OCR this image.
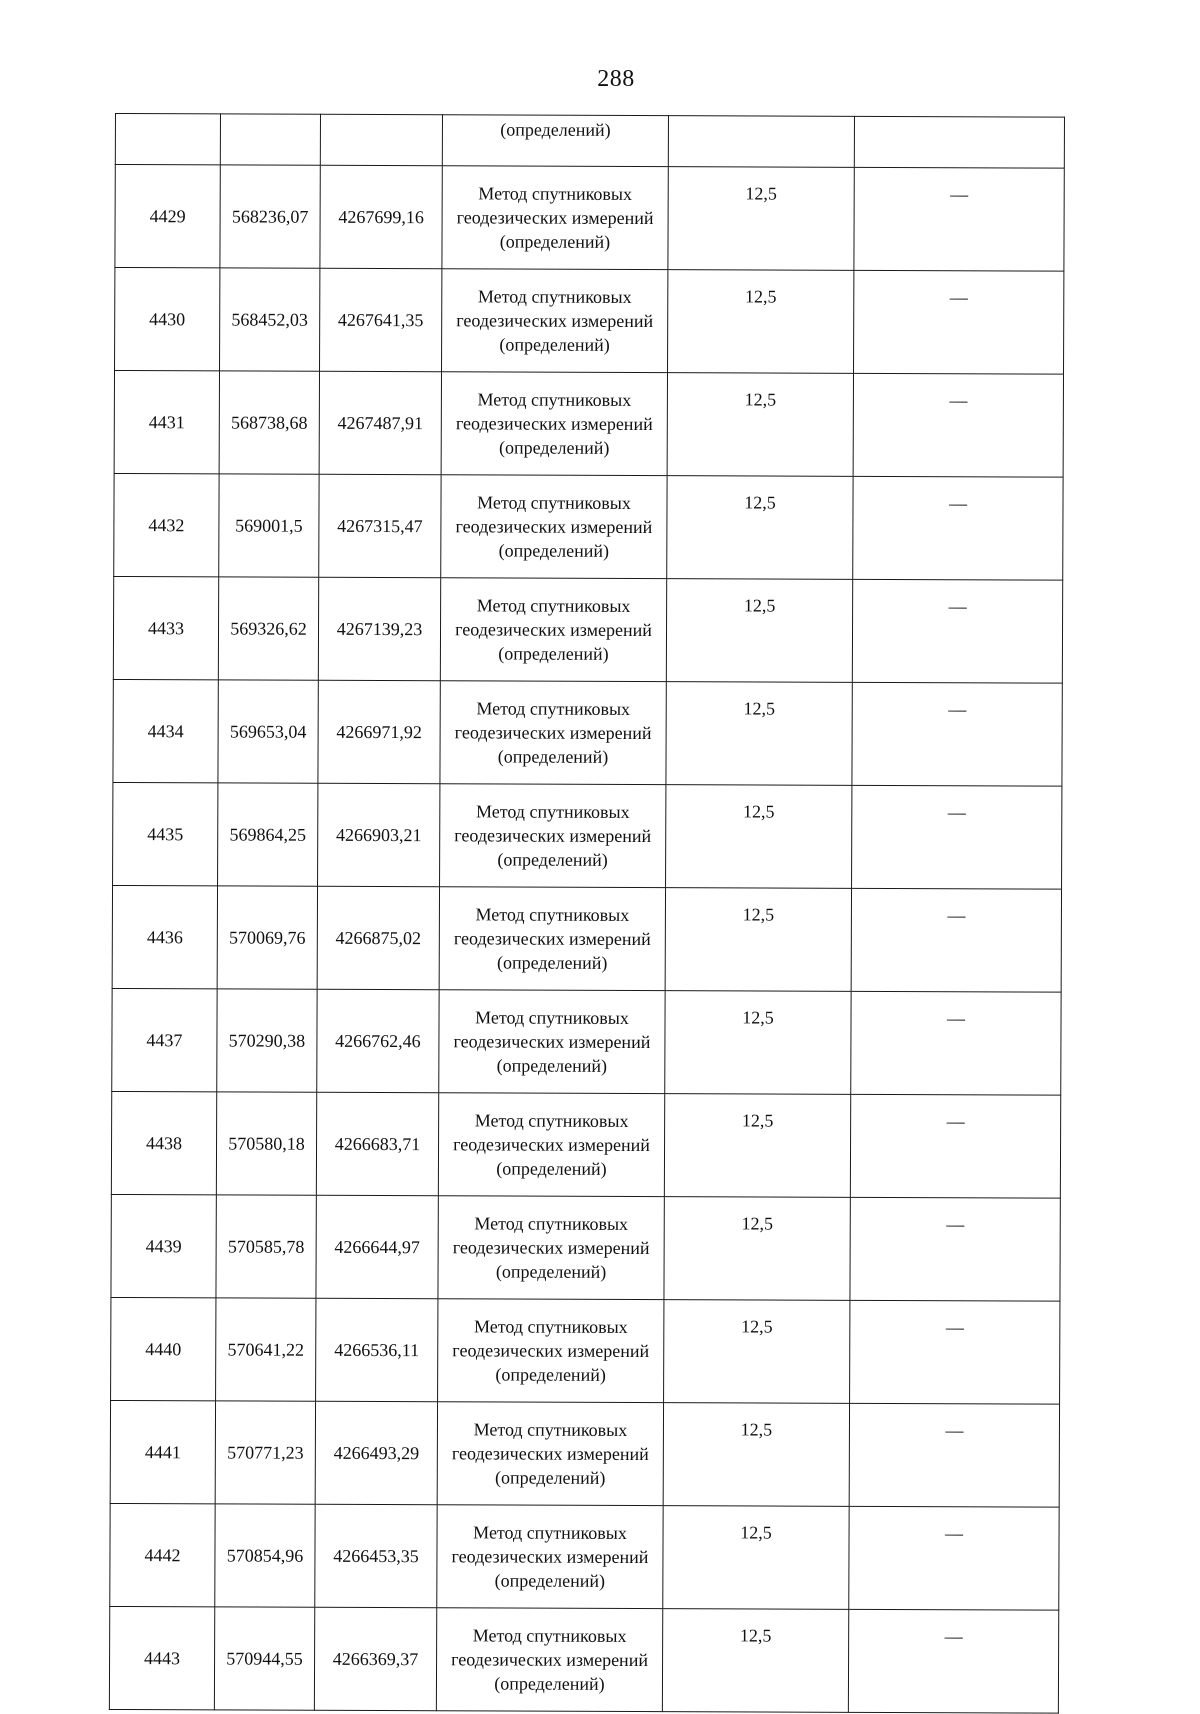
288
			(определений)		
4429	568236,07	4267699,16	Метод спутниковых
геодезических измерений
(определений)	12,5	—
4430	568452,03	4267641,35	Метод спутниковых
геодезических измерений
(определений)	12,5	—
4431	568738,68	4267487,91	Метод спутниковых
геодезических измерений
(определений)	12,5	—
4432	569001,5	4267315,47	Метод спутниковых
геодезических измерений
(определений)	12,5	—
4433	569326,62	4267139,23	Метод спутниковых
геодезических измерений
(определений)	12,5	—
4434	569653,04	4266971,92	Метод спутниковых
геодезических измерений
(определений)	12,5	—
4435	569864,25	4266903,21	Метод спутниковых
геодезических измерений
(определений)	12,5	—
4436	570069,76	4266875,02	Метод спутниковых
геодезических измерений
(определений)	12,5	—
4437	570290,38	4266762,46	Метод спутниковых
геодезических измерений
(определений)	12,5	—
4438	570580,18	4266683,71	Метод спутниковых
геодезических измерений
(определений)	12,5	—
4439	570585,78	4266644,97	Метод спутниковых
геодезических измерений
(определений)	12,5	—
4440	570641,22	4266536,11	Метод спутниковых
геодезических измерений
(определений)	12,5	—
4441	570771,23	4266493,29	Метод спутниковых
геодезических измерений
(определений)	12,5	—
4442	570854,96	4266453,35	Метод спутниковых
геодезических измерений
(определений)	12,5	—
4443	570944,55	4266369,37	Метод спутниковых
геодезических измерений
(определений)	12,5	—
